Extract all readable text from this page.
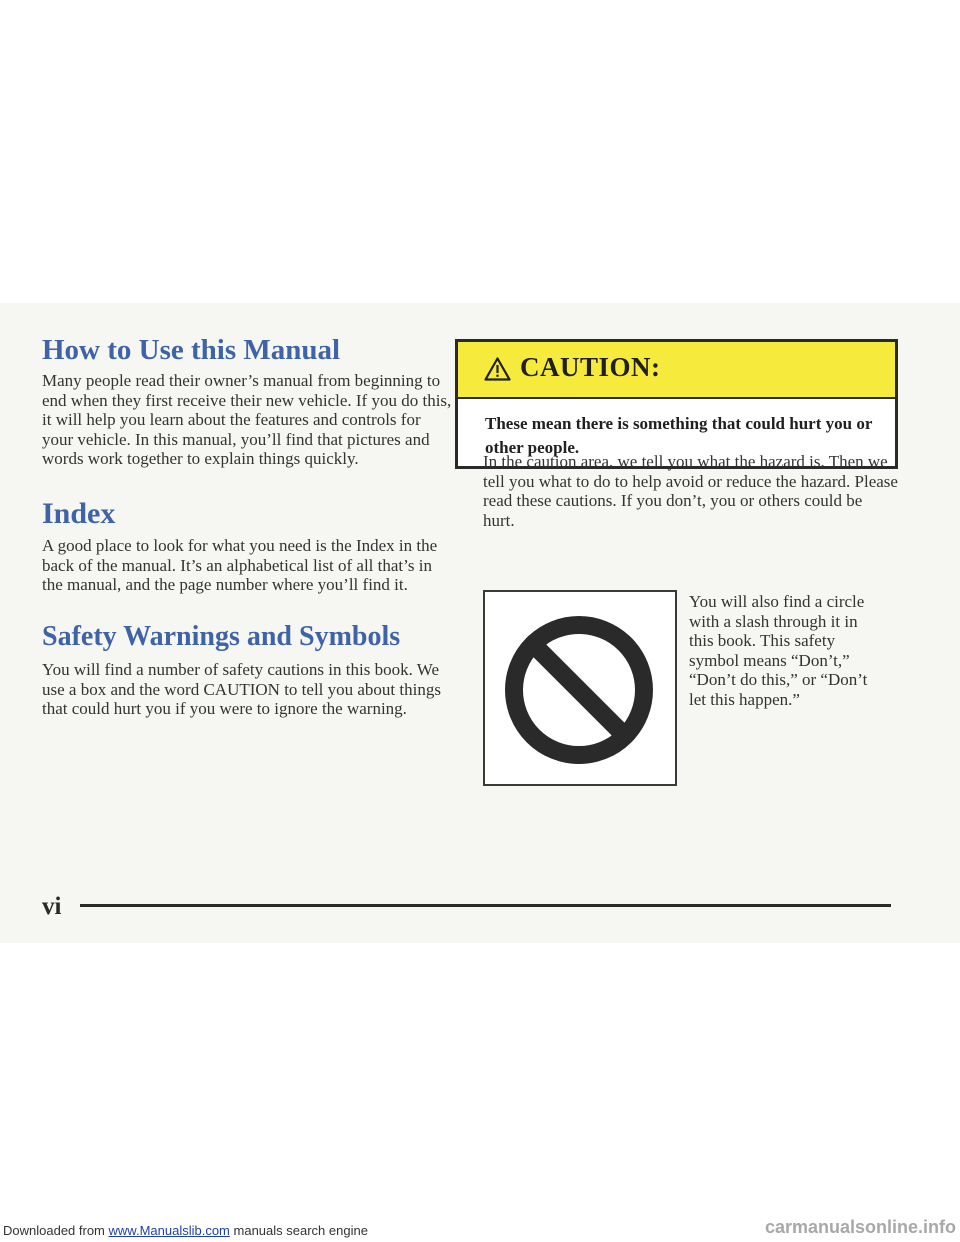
How to Use this Manual

Many people read their owner’s manual from beginning to end when they first receive their new vehicle. If you do this, it will help you learn about the features and controls for your vehicle. In this manual, you’ll find that pictures and words work together to explain things quickly.

Index

A good place to look for what you need is the Index in the back of the manual. It’s an alphabetical list of all that’s in the manual, and the page number where you’ll find it.

Safety Warnings and Symbols

You will find a number of safety cautions in this book. We use a box and the word CAUTION to tell you about things that could hurt you if you were to ignore the warning.

CAUTION:

These mean there is something that could hurt you or other people.

In the caution area, we tell you what the hazard is. Then we tell you what to do to help avoid or reduce the hazard. Please read these cautions. If you don’t, you or others could be hurt.

You will also find a circle with a slash through it in this book. This safety symbol means “Don’t,” “Don’t do this,” or “Don’t let this happen.”

vi
Downloaded from www.Manualslib.com manuals search engine	carmanualsonline.info
